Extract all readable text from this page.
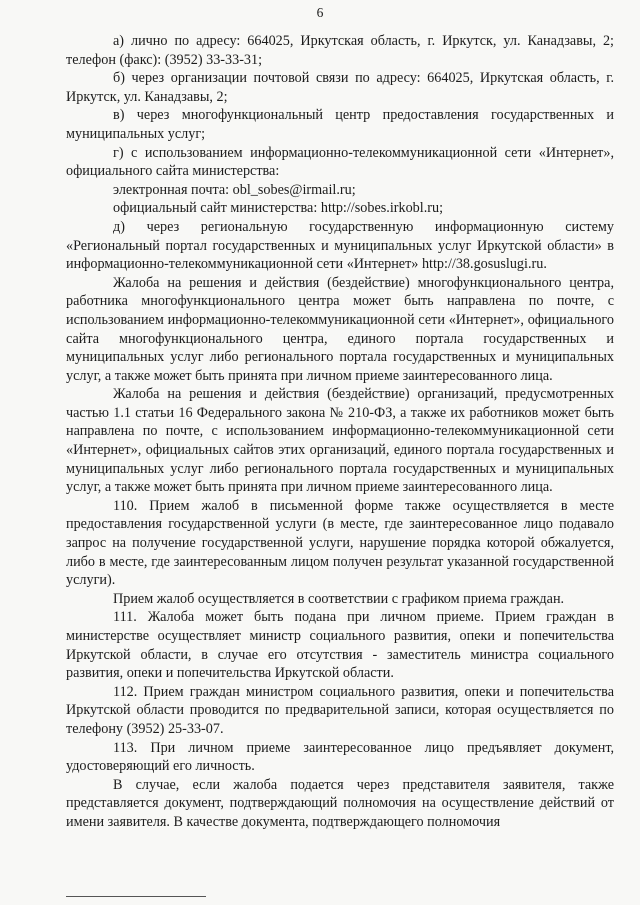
6

а) лично по адресу: 664025, Иркутская область, г. Иркутск, ул. Канадзавы, 2; телефон (факс): (3952) 33-33-31;

б) через организации почтовой связи по адресу: 664025, Иркутская область, г. Иркутск, ул. Канадзавы, 2;

в) через многофункциональный центр предоставления государственных и муниципальных услуг;

г) с использованием информационно-телекоммуникационной сети «Интернет», официального сайта министерства:

электронная почта: obl_sobes@irmail.ru;

официальный сайт министерства: http://sobes.irkobl.ru;

д) через региональную государственную информационную систему «Региональный портал государственных и муниципальных услуг Иркутской области» в информационно-телекоммуникационной сети «Интернет» http://38.gosuslugi.ru.

Жалоба на решения и действия (бездействие) многофункционального центра, работника многофункционального центра может быть направлена по почте, с использованием информационно-телекоммуникационной сети «Интернет», официального сайта многофункционального центра, единого портала государственных и муниципальных услуг либо регионального портала государственных и муниципальных услуг, а также может быть принята при личном приеме заинтересованного лица.

Жалоба на решения и действия (бездействие) организаций, предусмотренных частью 1.1 статьи 16 Федерального закона № 210-ФЗ, а также их работников может быть направлена по почте, с использованием информационно-телекоммуникационной сети «Интернет», официальных сайтов этих организаций, единого портала государственных и муниципальных услуг либо регионального портала государственных и муниципальных услуг, а также может быть принята при личном приеме заинтересованного лица.

110. Прием жалоб в письменной форме также осуществляется в месте предоставления государственной услуги (в месте, где заинтересованное лицо подавало запрос на получение государственной услуги, нарушение порядка которой обжалуется, либо в месте, где заинтересованным лицом получен результат указанной государственной услуги).

Прием жалоб осуществляется в соответствии с графиком приема граждан.

111. Жалоба может быть подана при личном приеме. Прием граждан в министерстве осуществляет министр социального развития, опеки и попечительства Иркутской области, в случае его отсутствия - заместитель министра социального развития, опеки и попечительства Иркутской области.

112. Прием граждан министром социального развития, опеки и попечительства Иркутской области проводится по предварительной записи, которая осуществляется по телефону (3952) 25-33-07.

113. При личном приеме заинтересованное лицо предъявляет документ, удостоверяющий его личность.

В случае, если жалоба подается через представителя заявителя, также представляется документ, подтверждающий полномочия на осуществление действий от имени заявителя. В качестве документа, подтверждающего полномочия
